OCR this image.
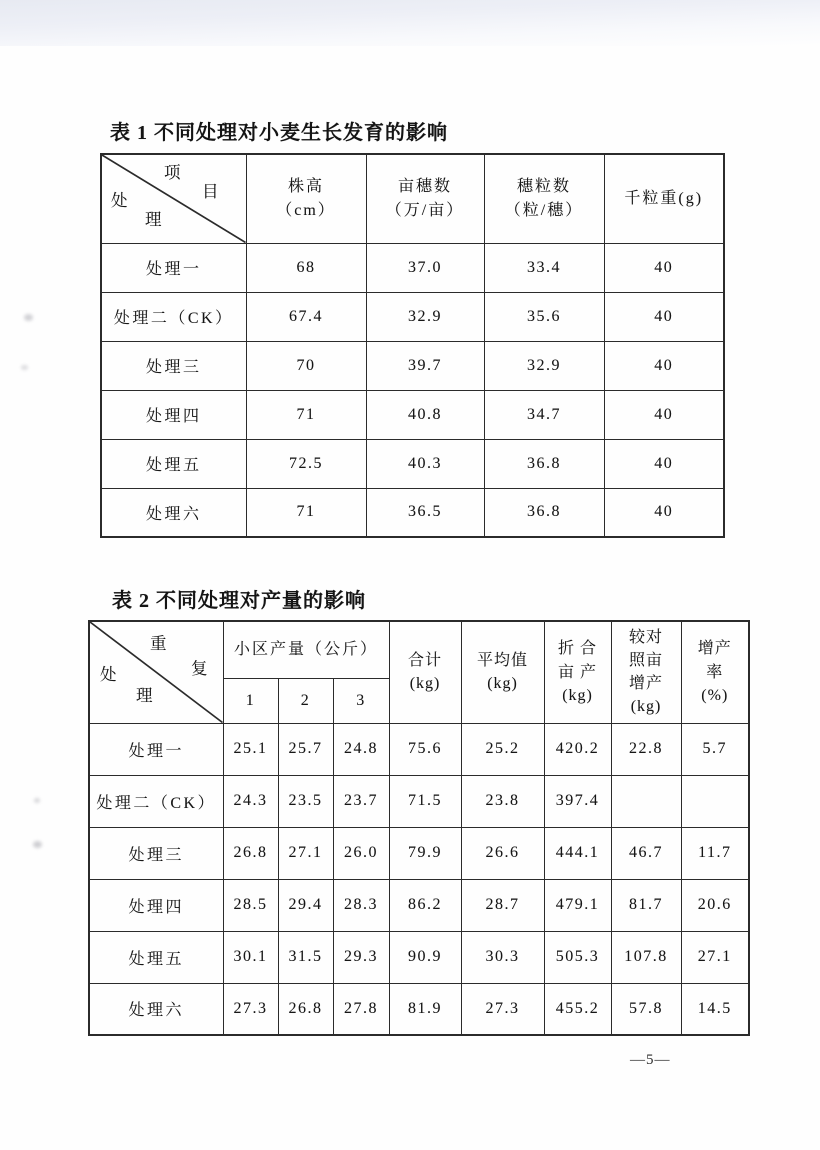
表 1 不同处理对小麦生长发育的影响
项
目
处
理	株高
（cm）	亩穗数
（万/亩）	穗粒数
（粒/穗）	千粒重(g)

处理一	68	37.0	33.4	40
处理二（CK）	67.4	32.9	35.6	40
处理三	70	39.7	32.9	40
处理四	71	40.8	34.7	40
处理五	72.5	40.3	36.8	40
处理六	71	36.5	36.8	40
表 2 不同处理对产量的影响
重
复
处
理	小区产量（公斤）			合计
(kg)	平均值
(kg)	折 合
亩 产
(kg)	较对
照亩
增产
(kg)	增产
率
(%)

	1	2	3					
处理一	25.1	25.7	24.8	75.6	25.2	420.2	22.8	5.7
处理二（CK）	24.3	23.5	23.7	71.5	23.8	397.4		
处理三	26.8	27.1	26.0	79.9	26.6	444.1	46.7	11.7
处理四	28.5	29.4	28.3	86.2	28.7	479.1	81.7	20.6
处理五	30.1	31.5	29.3	90.9	30.3	505.3	107.8	27.1
处理六	27.3	26.8	27.8	81.9	27.3	455.2	57.8	14.5
—5—
